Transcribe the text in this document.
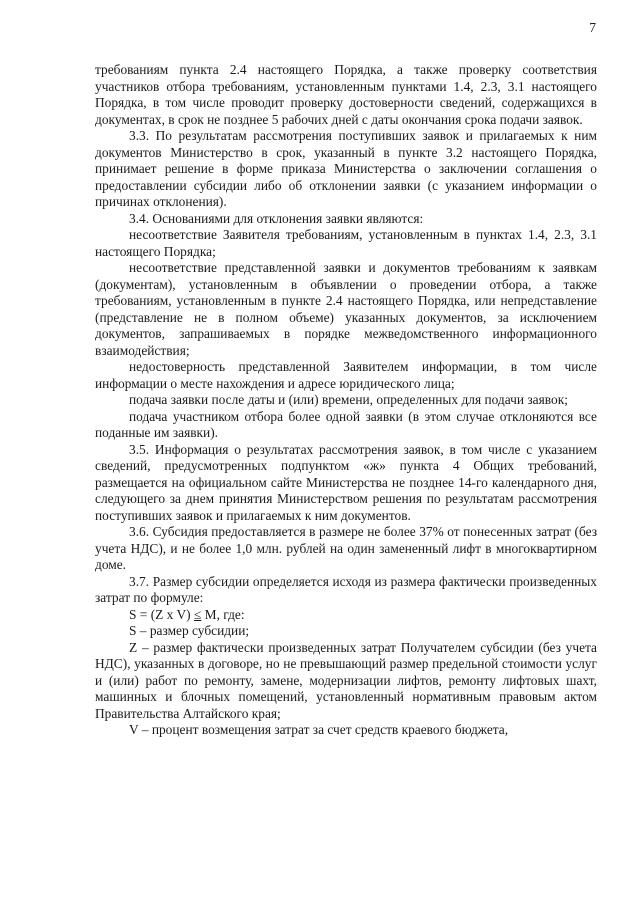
7

требованиям пункта 2.4 настоящего Порядка, а также проверку соответствия участников отбора требованиям, установленным пунктами 1.4, 2.3, 3.1 настоящего Порядка, в том числе проводит проверку достоверности сведений, содержащихся в документах, в срок не позднее 5 рабочих дней с даты окончания срока подачи заявок.

3.3. По результатам рассмотрения поступивших заявок и прилагаемых к ним документов Министерство в срок, указанный в пункте 3.2 настоящего Порядка, принимает решение в форме приказа Министерства о заключении соглашения о предоставлении субсидии либо об отклонении заявки (с указанием информации о причинах отклонения).

3.4. Основаниями для отклонения заявки являются:

несоответствие Заявителя требованиям, установленным в пунктах 1.4, 2.3, 3.1 настоящего Порядка;

несоответствие представленной заявки и документов требованиям к заявкам (документам), установленным в объявлении о проведении отбора, а также требованиям, установленным в пункте 2.4 настоящего Порядка, или непредставление (представление не в полном объеме) указанных документов, за исключением документов, запрашиваемых в порядке межведомственного информационного взаимодействия;

недостоверность представленной Заявителем информации, в том числе информации о месте нахождения и адресе юридического лица;

подача заявки после даты и (или) времени, определенных для подачи заявок;

подача участником отбора более одной заявки (в этом случае отклоняются все поданные им заявки).

3.5. Информация о результатах рассмотрения заявок, в том числе с указанием сведений, предусмотренных подпунктом «ж» пункта 4 Общих требований, размещается на официальном сайте Министерства не позднее 14-го календарного дня, следующего за днем принятия Министерством решения по результатам рассмотрения поступивших заявок и прилагаемых к ним документов.

3.6. Субсидия предоставляется в размере не более 37% от понесенных затрат (без учета НДС), и не более 1,0 млн. рублей на один замененный лифт в многоквартирном доме.

3.7. Размер субсидии определяется исходя из размера фактически произведенных затрат по формуле:

S = (Z x V) ≤ M, где:

S – размер субсидии;

Z – размер фактически произведенных затрат Получателем субсидии (без учета НДС), указанных в договоре, но не превышающий размер предельной стоимости услуг и (или) работ по ремонту, замене, модернизации лифтов, ремонту лифтовых шахт, машинных и блочных помещений, установленный нормативным правовым актом Правительства Алтайского края;

V – процент возмещения затрат за счет средств краевого бюджета,
